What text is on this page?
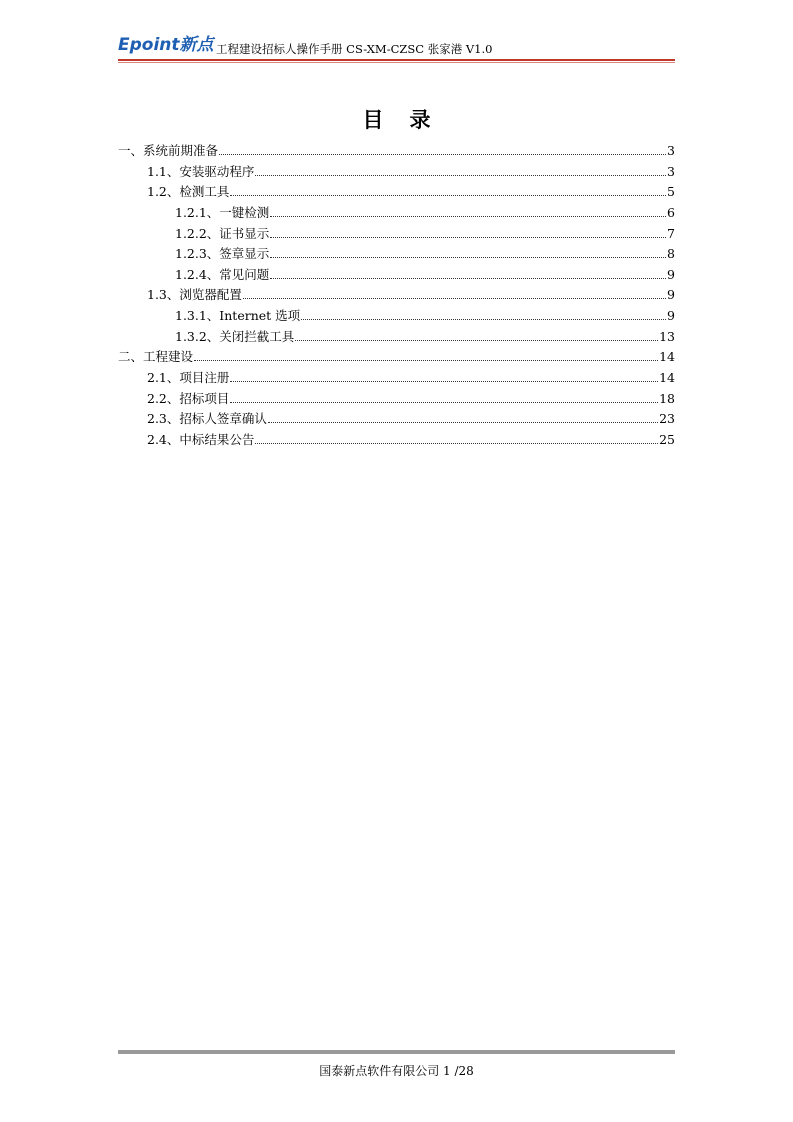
Epoint新点 工程建设招标人操作手册 CS-XM-CZSC 张家港 V1.0
目录
一、系统前期准备	3
1.1、安装驱动程序	3
1.2、检测工具	5
1.2.1、一键检测	6
1.2.2、证书显示	7
1.2.3、签章显示	8
1.2.4、常见问题	9
1.3、浏览器配置	9
1.3.1、Internet 选项	9
1.3.2、关闭拦截工具	13
二、工程建设	14
2.1、项目注册	14
2.2、招标项目	18
2.3、招标人签章确认	23
2.4、中标结果公告	25
国泰新点软件有限公司 1 /28
